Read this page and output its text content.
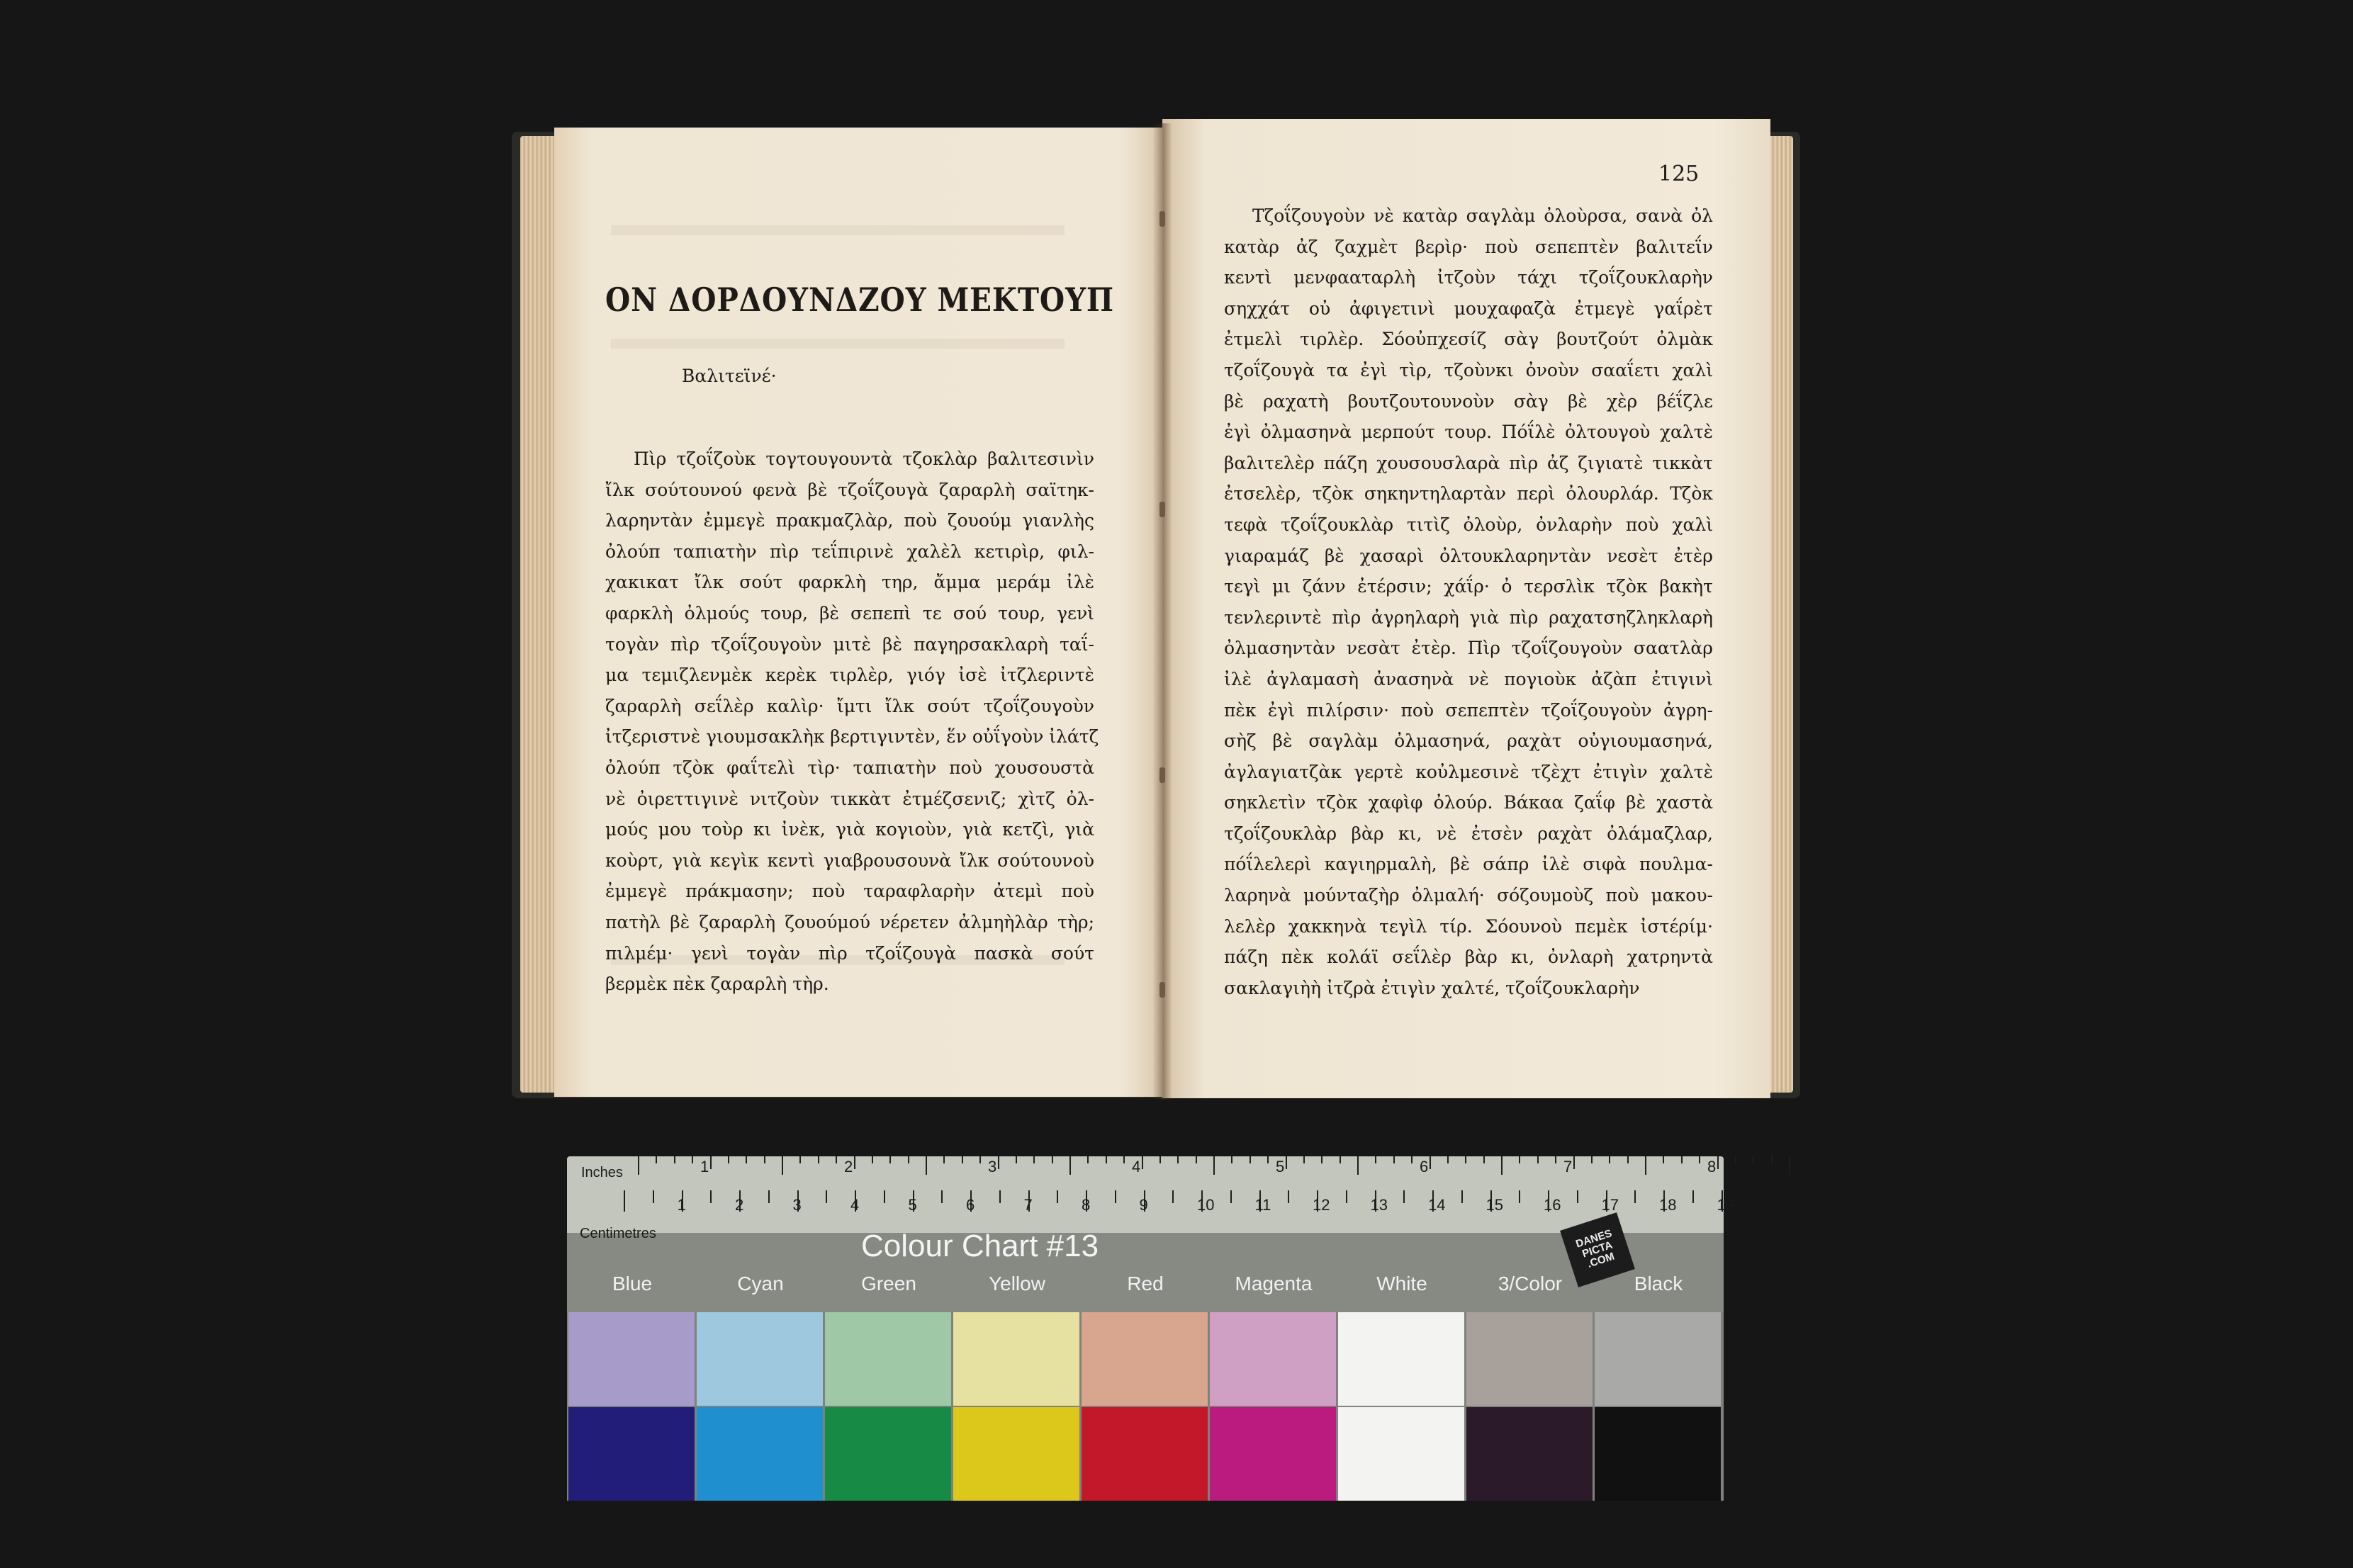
ΟΝ ΔΟΡΔΟΥΝΔΖΟΥ ΜΕΚΤΟΥΠ
Βαλιτεϊνέ·
Πὶρ τζοΐζοὺκ τογτουγουντὰ τζοκλὰρ βαλιτεσινὶν
ἴλκ σούτουνού φενὰ βὲ τζοΐζουγὰ ζαραρλὴ σαϊτηκ-
λαρηντὰν ἐμμεγὲ πρακμαζλὰρ, ποὺ ζουούμ γιανλὴς
ὀλούπ ταπιατὴν πὶρ τεΐπιρινὲ χαλὲλ κετιρὶρ, φιλ-
χακικατ ἴλκ σούτ φαρκλὴ τηρ, ἄμμα μεράμ ἰλὲ
φαρκλὴ ὀλμούς τουρ, βὲ σεπεπὶ τε σού τουρ, γενὶ
τογὰν πὶρ τζοΐζουγοὺν μιτὲ βὲ παγηρσακλαρὴ ταΐ-
μα τεμιζλενμὲκ κερὲκ τιρλὲρ, γιόγ ἰσὲ ἰτζλεριντὲ
ζαραρλὴ σεΐλὲρ καλὶρ· ἴμτι ἴλκ σούτ τζοΐζουγοὺν
ἰτζεριστνὲ γιουμσακλὴκ βερτιγιντὲν, ἕν οὐΐγοὺν ἰλάτζ
ὀλούπ τζὸκ φαΐτελὶ τὶρ· ταπιατὴν ποὺ χουσουστὰ
νὲ ὀιρεττιγινὲ νιτζοὺν τικκὰτ ἐτμέζσενιζ; χὶτζ ὀλ-
μούς μου τοὺρ κι ἰνὲκ, γιὰ κογιοὺν, γιὰ κετζὶ, γιὰ
κοὺρτ, γιὰ κεγὶκ κεντὶ γιαβρουσουνὰ ἴλκ σούτουνοὺ
ἐμμεγὲ πράκμασην; ποὺ ταραφλαρὴν ἀτεμὶ ποὺ
πατὴλ βὲ ζαραρλὴ ζουούμού νέρετεν ἀλμηὴλὰρ τὴρ;
πιλμέμ· γενὶ τογὰν πὶρ τζοΐζουγὰ πασκὰ σούτ
βερμὲκ πὲκ ζαραρλὴ τὴρ.
125
Τζοΐζουγοὺν νὲ κατὰρ σαγλὰμ ὀλοὺρσα, σανὰ ὀλ
κατὰρ ἀζ ζαχμὲτ βερὶρ· ποὺ σεπεπτὲν βαλιτεΐν
κεντὶ μενφααταρλὴ ἰτζοὺν τάχι τζοΐζουκλαρὴν
σηχχάτ οὐ ἀφιγετινὶ μουχαφαζὰ ἐτμεγὲ γαΐρὲτ
ἐτμελὶ τιρλὲρ. Σόοὐπχεσίζ σὰγ βουτζούτ ὀλμὰκ
τζοΐζουγὰ τα ἐγὶ τὶρ, τζοὺνκι ὀνοὺν σααΐετι χαλὶ
βὲ ραχατὴ βουτζουτουνοὺν σὰγ βὲ χὲρ βέΐζλε
ἐγὶ ὀλμασηνὰ μερπούτ τουρ. Πόΐλὲ ὀλτουγοὺ χαλτὲ
βαλιτελὲρ πάζη χουσουσλαρὰ πὶρ ἀζ ζιγιατὲ τικκὰτ
ἐτσελὲρ, τζὸκ σηκηντηλαρτὰν περὶ ὀλουρλάρ. Τζὸκ
τεφὰ τζοΐζουκλὰρ τιτὶζ ὀλοὺρ, ὀνλαρὴν ποὺ χαλὶ
γιαραμάζ βὲ χασαρὶ ὀλτουκλαρηντὰν νεσὲτ ἐτὲρ
τεγὶ μι ζάνν ἐτέρσιν; χάΐρ· ὀ τερσλὶκ τζὸκ βακὴτ
τενλεριντὲ πὶρ ἀγρηλαρὴ γιὰ πὶρ ραχατσηζληκλαρὴ
ὀλμασηντὰν νεσὰτ ἐτὲρ. Πὶρ τζοΐζουγοὺν σαατλὰρ
ἰλὲ ἀγλαμασὴ ἀνασηνὰ νὲ πογιοὺκ ἀζὰπ ἐτιγινὶ
πὲκ ἐγὶ πιλίρσιν· ποὺ σεπεπτὲν τζοΐζουγοὺν ἀγρη-
σὴζ βὲ σαγλὰμ ὀλμασηνά, ραχὰτ οὐγιουμασηνά,
ἀγλαγιατζὰκ γερτὲ κοὐλμεσινὲ τζὲχτ ἐτιγὶν χαλτὲ
σηκλετὶν τζὸκ χαφὶφ ὀλούρ. Βάκαα ζαΐφ βὲ χαστὰ
τζοΐζουκλὰρ βὰρ κι, νὲ ἐτσὲν ραχὰτ ὀλάμαζλαρ,
πόΐλελερὶ καγιηρμαλὴ, βὲ σάπρ ἰλὲ σιφὰ πουλμα-
λαρηνὰ μούνταζὴρ ὀλμαλή· σόζουμοὺζ ποὺ μακου-
λελὲρ χακκηνὰ τεγὶλ τίρ. Σόουνοὺ πεμὲκ ἰστέρίμ·
πάζη πὲκ κολάϊ σεΐλὲρ βὰρ κι, ὀνλαρὴ χατρηντὰ
σακλαγιὴὴ ἰτζρὰ ἐτιγὶν χαλτέ, τζοΐζουκλαρὴν
Inches
Centimetres
1	2	3	4	5	6	7	8	9	10	11	12	13	14	15	16	17	18	19
1	2	3	4	5	6	7	8
Colour Chart #13	DANES PICTA .COM
Blue	Cyan	Green	Yellow	Red	Magenta	White	3/Color	Black
